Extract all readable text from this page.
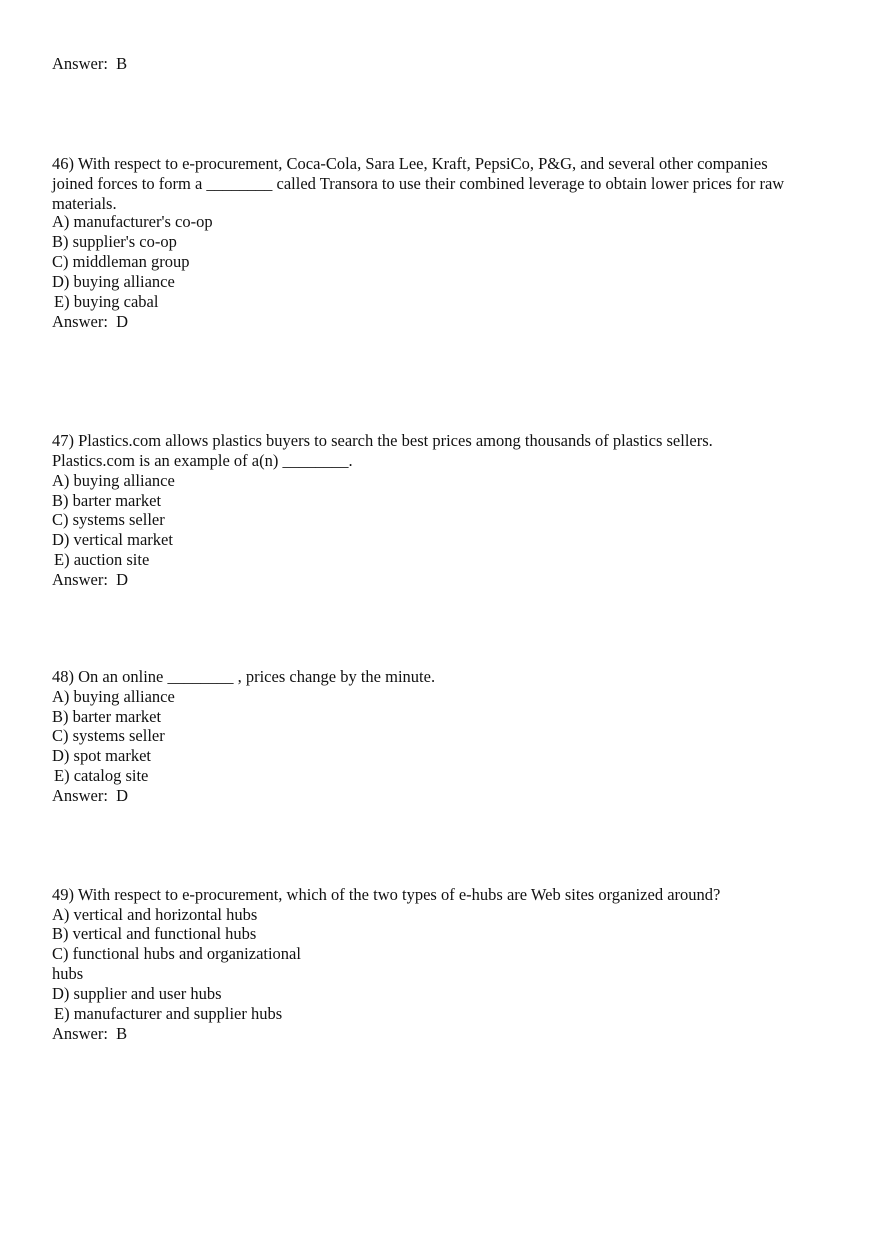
Answer:  B
46) With respect to e-procurement, Coca-Cola, Sara Lee, Kraft, PepsiCo, P&G, and several other companies
joined forces to form a ________ called Transora to use their combined leverage to obtain lower prices for raw
materials.
A) manufacturer's co-op
B) supplier's co-op
C) middleman group
D) buying alliance
E) buying cabal
Answer:  D
47) Plastics.com allows plastics buyers to search the best prices among thousands of plastics sellers.
Plastics.com is an example of a(n) ________.
A) buying alliance
B) barter market
C) systems seller
D) vertical market
E) auction site
Answer:  D
48) On an online ________ , prices change by the minute.
A) buying alliance
B) barter market
C) systems seller
D) spot market
E) catalog site
Answer:  D
49) With respect to e-procurement, which of the two types of e-hubs are Web sites organized around?
A) vertical and horizontal hubs
B) vertical and functional hubs
C) functional hubs and organizational
hubs
D) supplier and user hubs
E) manufacturer and supplier hubs
Answer:  B
